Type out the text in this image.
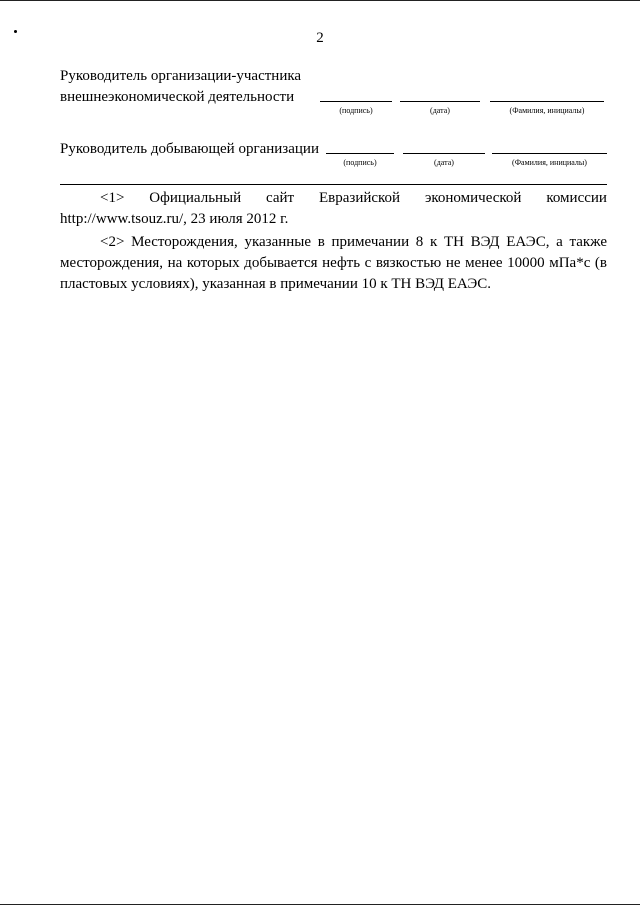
2
Руководитель организации-участника
внешнеэкономической деятельности
(подпись)	(дата)	(Фамилия, инициалы)
Руководитель добывающей организации
(подпись)	(дата)	(Фамилия, инициалы)
<1> Официальный сайт Евразийской экономической комиссии
http://www.tsouz.ru/, 23 июля 2012 г.

<2> Месторождения, указанные в примечании 8 к ТН ВЭД ЕАЭС, а также месторождения, на которых добывается нефть с вязкостью не менее 10000 мПа*с (в пластовых условиях), указанная в примечании 10 к ТН ВЭД ЕАЭС.
